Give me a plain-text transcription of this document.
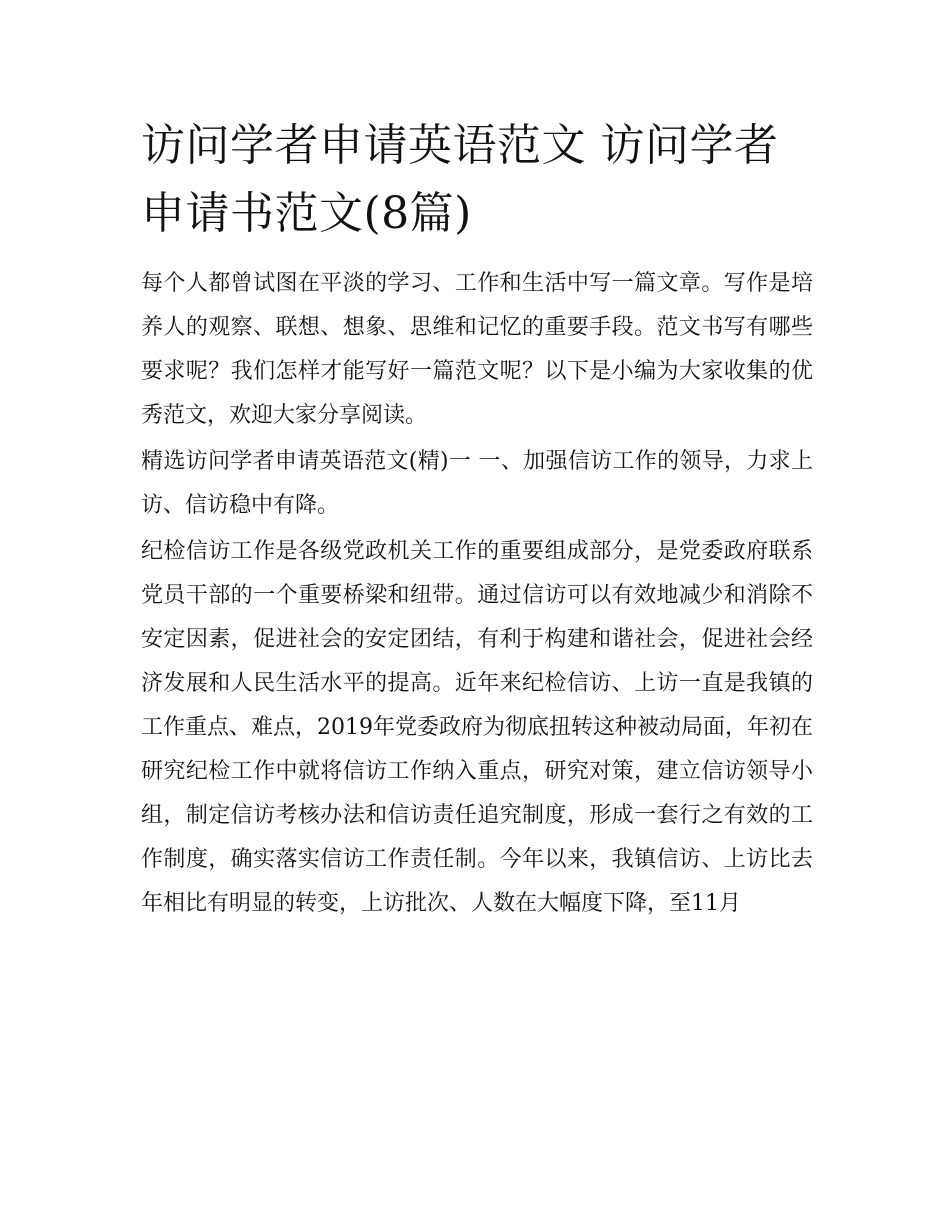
访问学者申请英语范文 访问学者申请书范文(8篇)

每个人都曾试图在平淡的学习、工作和生活中写一篇文章。写作是培养人的观察、联想、想象、思维和记忆的重要手段。范文书写有哪些要求呢？我们怎样才能写好一篇范文呢？以下是小编为大家收集的优秀范文，欢迎大家分享阅读。

精选访问学者申请英语范文(精)一 一、加强信访工作的领导，力求上访、信访稳中有降。

纪检信访工作是各级党政机关工作的重要组成部分，是党委政府联系党员干部的一个重要桥梁和纽带。通过信访可以有效地减少和消除不安定因素，促进社会的安定团结，有利于构建和谐社会，促进社会经济发展和人民生活水平的提高。近年来纪检信访、上访一直是我镇的工作重点、难点，2019年党委政府为彻底扭转这种被动局面，年初在研究纪检工作中就将信访工作纳入重点，研究对策，建立信访领导小组，制定信访考核办法和信访责任追究制度，形成一套行之有效的工作制度，确实落实信访工作责任制。今年以来，我镇信访、上访比去年相比有明显的转变，上访批次、人数在大幅度下降，至11月
